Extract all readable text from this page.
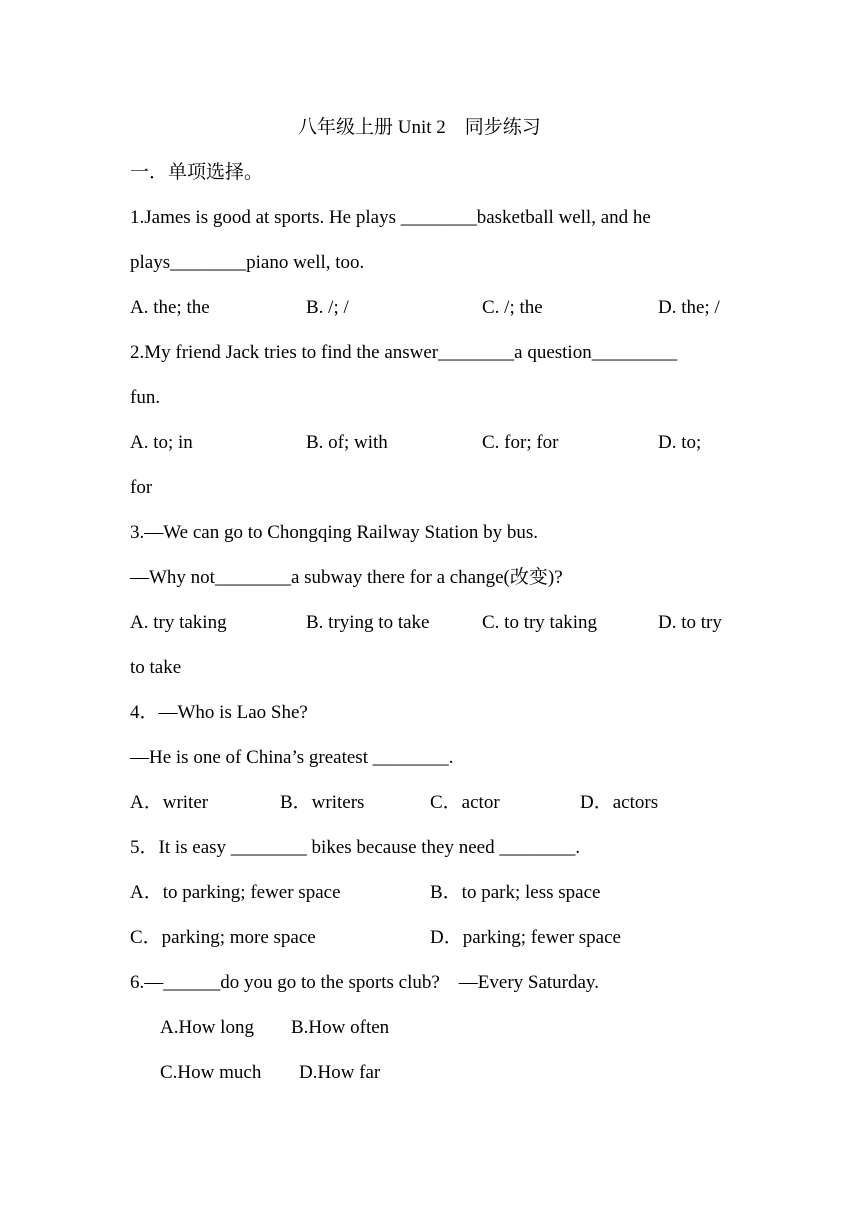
八年级上册 Unit 2　同步练习
一．单项选择。
1.James is good at sports. He plays ________basketball well, and he
plays________piano well, too.
A. the; the	B. /; /	C. /; the	D. the; /
2.My friend Jack tries to find the answer________a question_________
fun.
A. to; in	B. of; with	C. for; for	D. to;
for
3.—We can go to Chongqing Railway Station by bus.
—Why not________a subway there for a change(改变)?
A. try taking	B. trying to take	C. to try taking	D. to try
to take
4．—Who is Lao She?
—He is one of China’s greatest ________.
A．writer	B．writers	C．actor	D．actors
5．It is easy ________ bikes because they need ________.
A．to parking; fewer space	B．to park; less space
C．parking; more space	D．parking; fewer space
6.—______do you go to the sports club?　—Every Saturday.
A.How long B.How often
C.How much D.How far
